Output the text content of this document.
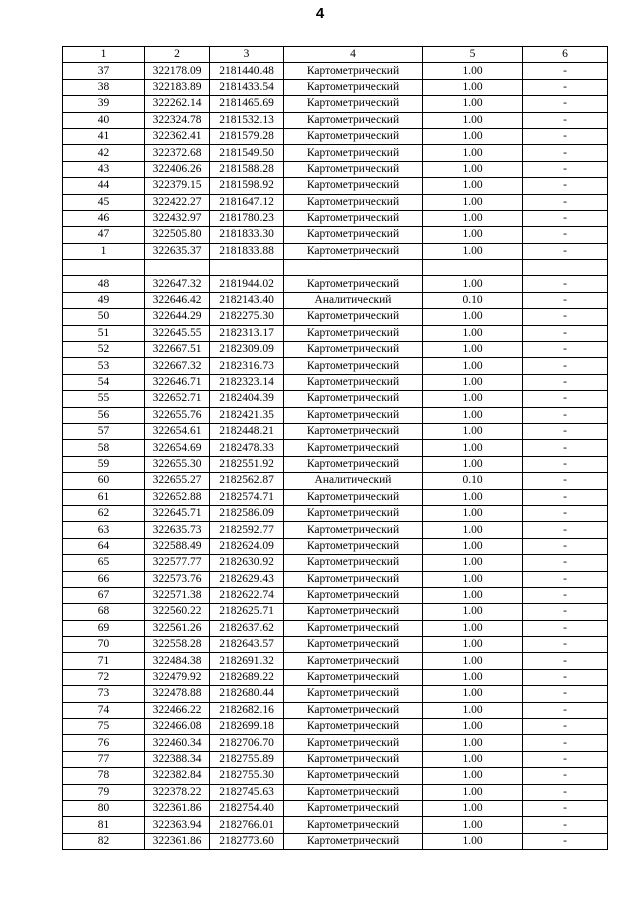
4
1	2	3	4	5	6
37	322178.09	2181440.48	Картометрический	1.00	-
38	322183.89	2181433.54	Картометрический	1.00	-
39	322262.14	2181465.69	Картометрический	1.00	-
40	322324.78	2181532.13	Картометрический	1.00	-
41	322362.41	2181579.28	Картометрический	1.00	-
42	322372.68	2181549.50	Картометрический	1.00	-
43	322406.26	2181588.28	Картометрический	1.00	-
44	322379.15	2181598.92	Картометрический	1.00	-
45	322422.27	2181647.12	Картометрический	1.00	-
46	322432.97	2181780.23	Картометрический	1.00	-
47	322505.80	2181833.30	Картометрический	1.00	-
1	322635.37	2181833.88	Картометрический	1.00	-

48	322647.32	2181944.02	Картометрический	1.00	-
49	322646.42	2182143.40	Аналитический	0.10	-
50	322644.29	2182275.30	Картометрический	1.00	-
51	322645.55	2182313.17	Картометрический	1.00	-
52	322667.51	2182309.09	Картометрический	1.00	-
53	322667.32	2182316.73	Картометрический	1.00	-
54	322646.71	2182323.14	Картометрический	1.00	-
55	322652.71	2182404.39	Картометрический	1.00	-
56	322655.76	2182421.35	Картометрический	1.00	-
57	322654.61	2182448.21	Картометрический	1.00	-
58	322654.69	2182478.33	Картометрический	1.00	-
59	322655.30	2182551.92	Картометрический	1.00	-
60	322655.27	2182562.87	Аналитический	0.10	-
61	322652.88	2182574.71	Картометрический	1.00	-
62	322645.71	2182586.09	Картометрический	1.00	-
63	322635.73	2182592.77	Картометрический	1.00	-
64	322588.49	2182624.09	Картометрический	1.00	-
65	322577.77	2182630.92	Картометрический	1.00	-
66	322573.76	2182629.43	Картометрический	1.00	-
67	322571.38	2182622.74	Картометрический	1.00	-
68	322560.22	2182625.71	Картометрический	1.00	-
69	322561.26	2182637.62	Картометрический	1.00	-
70	322558.28	2182643.57	Картометрический	1.00	-
71	322484.38	2182691.32	Картометрический	1.00	-
72	322479.92	2182689.22	Картометрический	1.00	-
73	322478.88	2182680.44	Картометрический	1.00	-
74	322466.22	2182682.16	Картометрический	1.00	-
75	322466.08	2182699.18	Картометрический	1.00	-
76	322460.34	2182706.70	Картометрический	1.00	-
77	322388.34	2182755.89	Картометрический	1.00	-
78	322382.84	2182755.30	Картометрический	1.00	-
79	322378.22	2182745.63	Картометрический	1.00	-
80	322361.86	2182754.40	Картометрический	1.00	-
81	322363.94	2182766.01	Картометрический	1.00	-
82	322361.86	2182773.60	Картометрический	1.00	-
